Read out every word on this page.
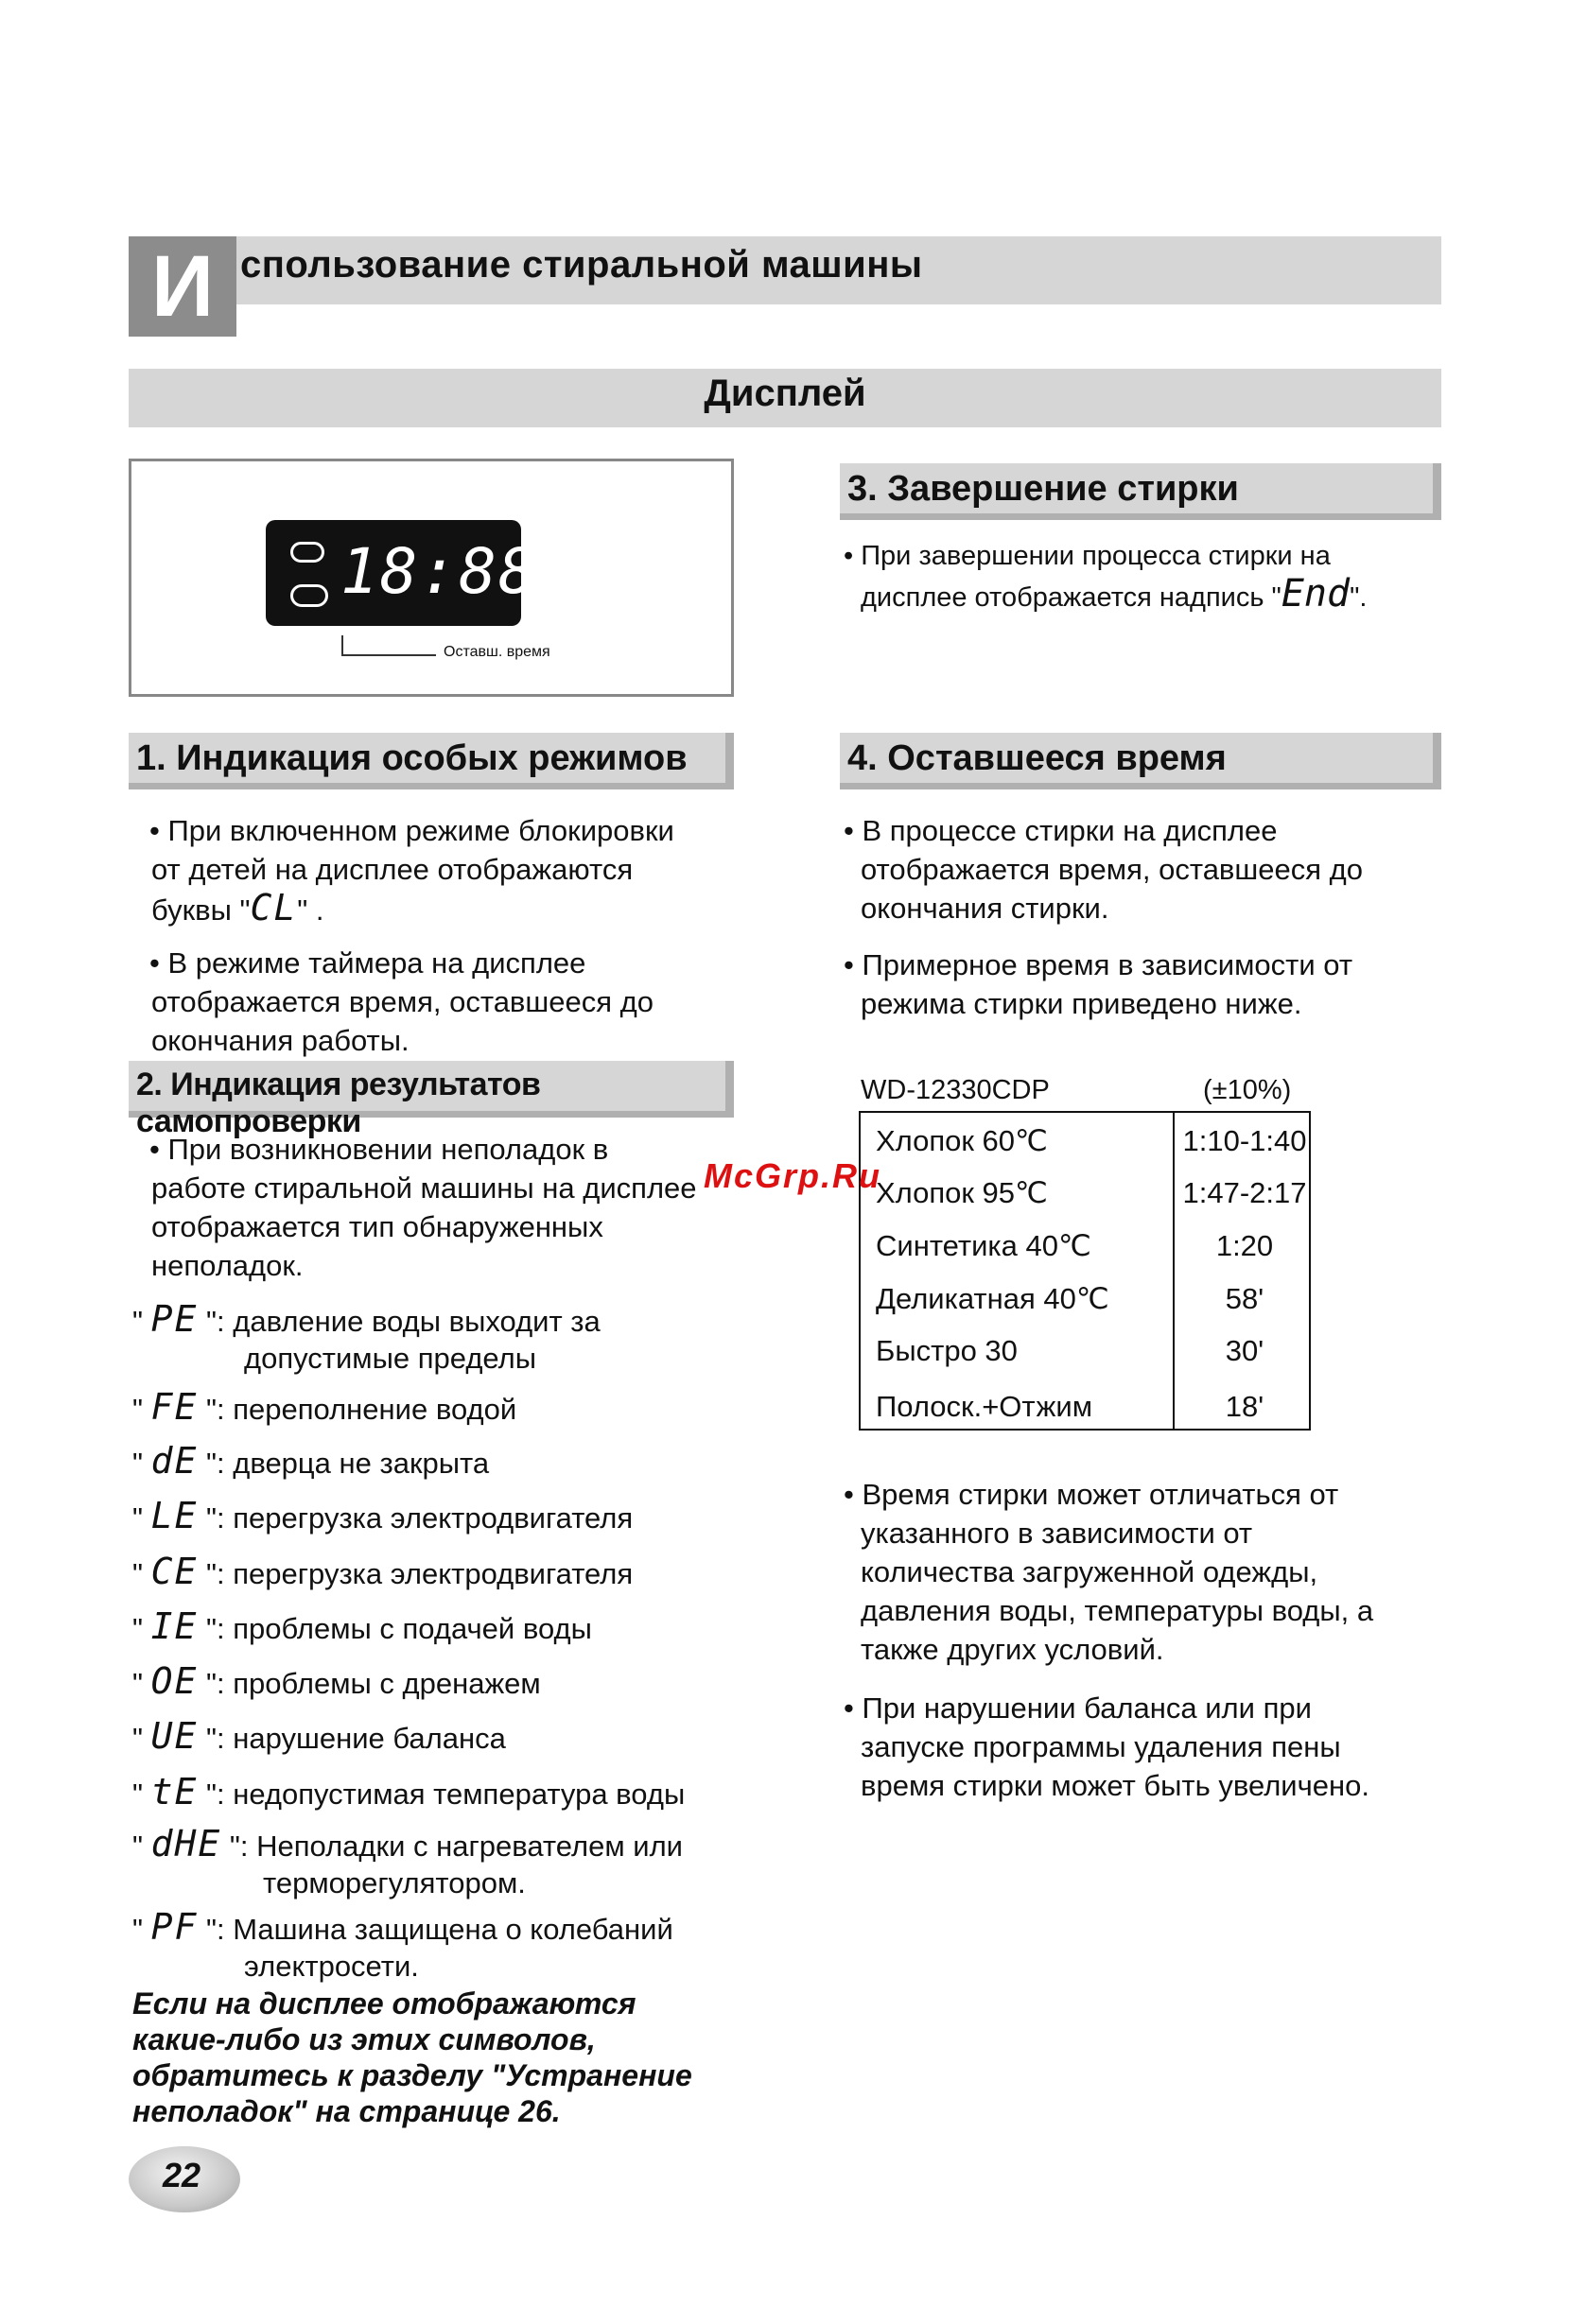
И спользование стиральной машины
Дисплей
18:88
Оставш. время
3. Завершение стирки
• При завершении процесса стирки на
дисплее отображается надпись "End".
1. Индикация особых режимов
• При включенном режиме блокировки
от детей на дисплее отображаются
буквы "CL" .
• В режиме таймера на дисплее
отображается время, оставшееся до
окончания работы.
4. Оставшееся время
• В процессе стирки на дисплее
отображается время, оставшееся до
окончания стирки.
• Примерное время в зависимости от
режима стирки приведено ниже.
WD-12330CDP	(±10%)
Хлопок 60℃	1:10-1:40
Хлопок 95℃	1:47-2:17
Синтетика 40℃	1:20
Деликатная 40℃	58'
Быстро 30	30'
Полоск.+Отжим	18'
McGrp.Ru
• Время стирки может отличаться от
указанного в зависимости от
количества загруженной одежды,
давления воды, температуры воды, а
также других условий.
• При нарушении баланса или при
запуске программы удаления пены
время стирки может быть увеличено.
2. Индикация результатов самопроверки
• При возникновении неполадок в
работе стиральной машины на дисплее
отображается тип обнаруженных
неполадок.
" PE ": давление воды выходит за
допустимые пределы
" FE ": переполнение водой
" dE ": дверца не закрыта
" LE ": перегрузка электродвигателя
" CE ": перегрузка электродвигателя
" IE ": проблемы с подачей воды
" OE ": проблемы с дренажем
" UE ": нарушение баланса
" tE ": недопустимая температура воды
" dHE ": Неполадки с нагревателем или
терморегулятором.
" PF ": Машина защищена о колебаний
электросети.
Если на дисплее отображаются
какие-либо из этих символов,
обратитесь к разделу "Устранение
неполадок" на странице 26.
22
